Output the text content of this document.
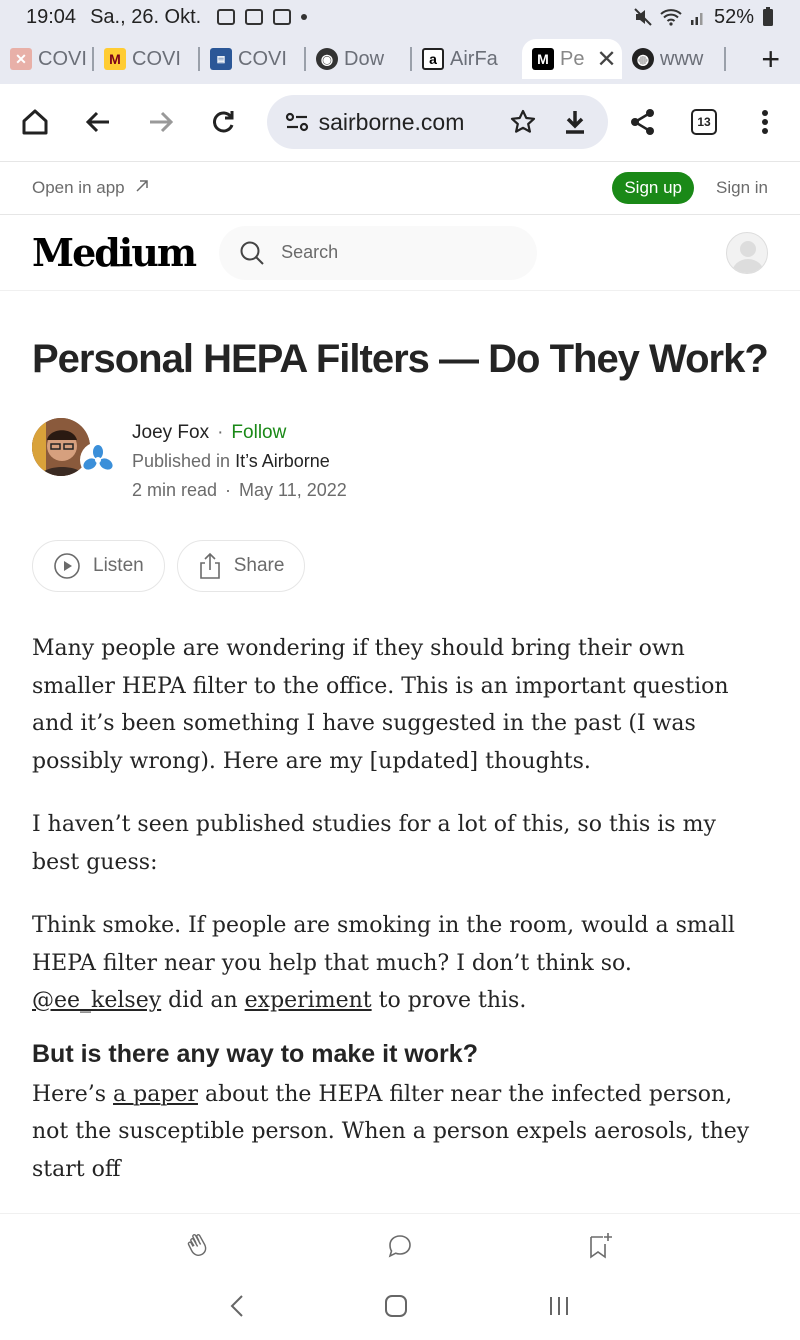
19:04 Sa., 26. Okt.	52%
✕ COVI	M COVI	▤ COVI	◉ Dow	a AirFa	M Pe ✕	◍ www +
sairborne.com	13
Open in app	Sign up	Sign in
Medium	Search
Personal HEPA Filters — Do They Work?
Joey Fox · Follow
Published in It’s Airborne
2 min read · May 11, 2022
Listen	Share

Many people are wondering if they should bring their own smaller HEPA filter to the office. This is an important question and it’s been something I have suggested in the past (I was possibly wrong). Here are my [updated] thoughts.

I haven’t seen published studies for a lot of this, so this is my best guess:

Think smoke. If people are smoking in the room, would a small HEPA filter near you help that much? I don’t think so. @ee_kelsey did an experiment to prove this.

But is there any way to make it work?

Here’s a paper about the HEPA filter near the infected person, not the susceptible person. When a person expels aerosols, they start off
